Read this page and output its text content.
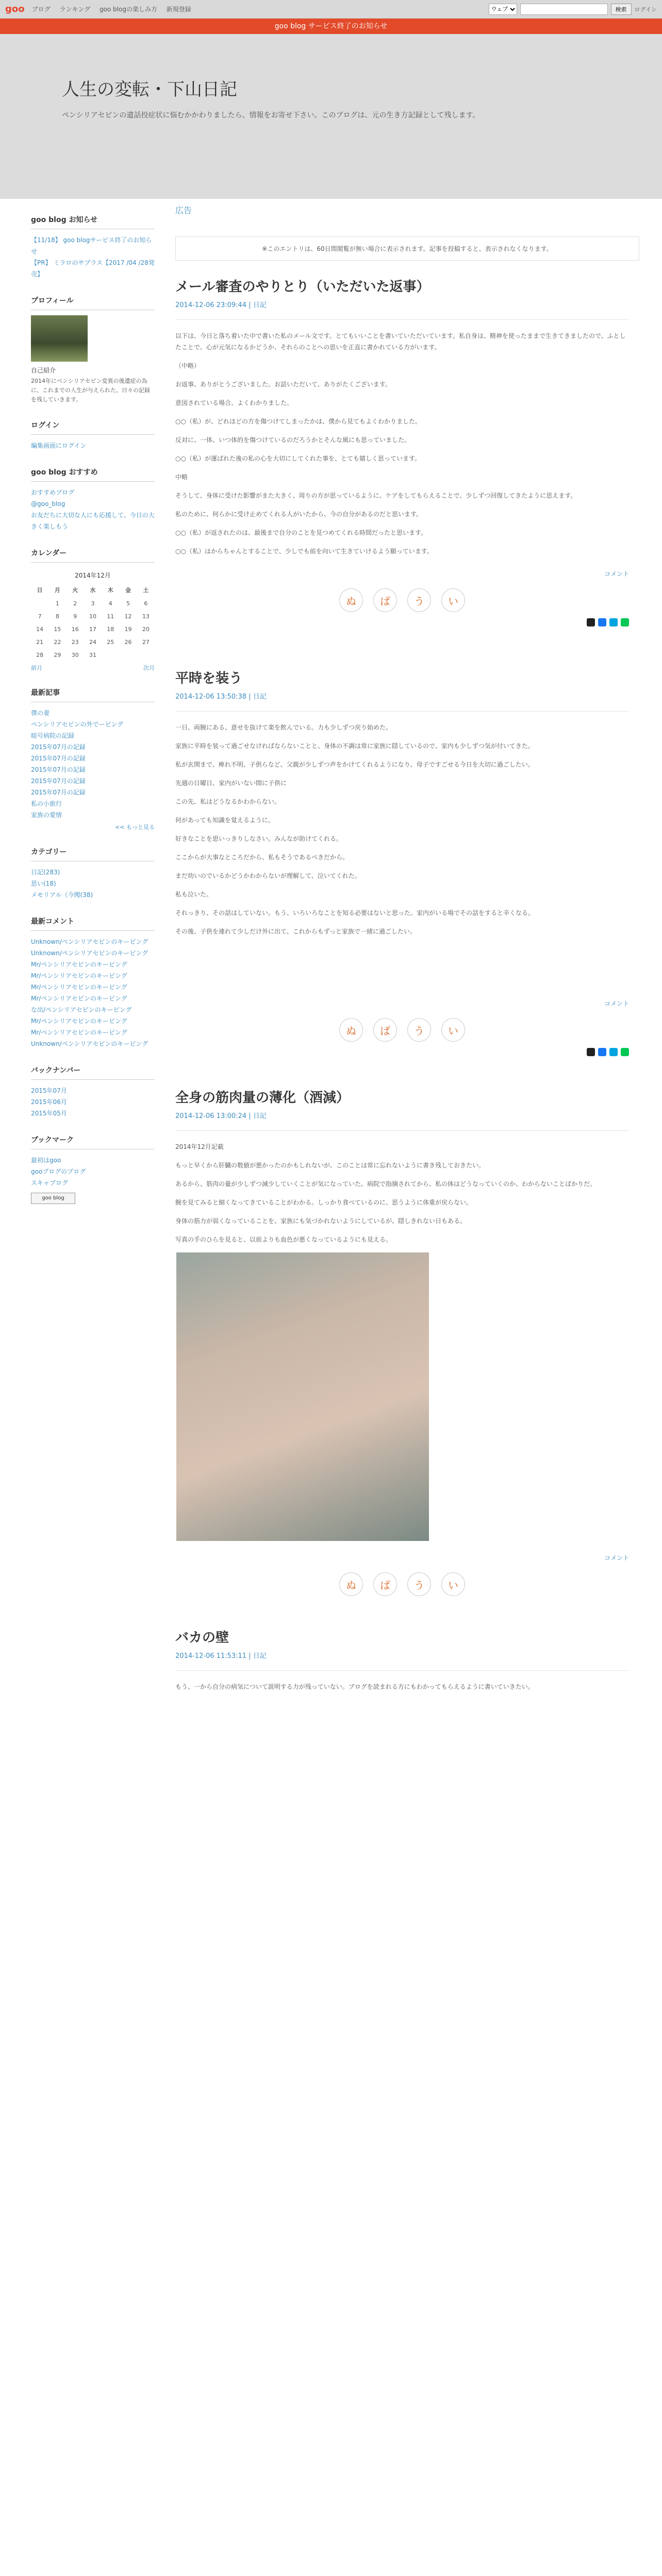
goo ブログ ランキング goo blogの楽しみ方 新規登録
ウェブ	検索	ログイン
goo blog サービス終了のお知らせ
人生の変転・下山日記
ペンシリアセピンの遺話投症状に悩むかかわりましたら、情報をお寄せ下さい。このブログは、元の生き方記録として残します。
goo blog お知らせ
【11/18】 goo blogサービス終了のお知らせ
【PR】 ミラロのサプラス【2017 /04 /28発売】
プロフィール
自己紹介
2014年にペンシリアセピン変異の後遺症の為に、これまでの人生が与えられた。日々の記録を残していきます。
ログイン
編集画面にログイン
goo blog おすすめ
おすすめブログ
@goo_blog
お友だちに大切な人にも応援して、今日の大きく楽しもう
カレンダー
2014年12月						
日	月	火	水	木	金	土
	1	2	3	4	5	6
7	8	9	10	11	12	13
14	15	16	17	18	19	20
21	22	23	24	25	26	27
28	29	30	31			
前月	次月
最新記事
僕の妻
ペンシリアセピンの外でーピング
暗号病院の記録
2015年07月の記録
2015年07月の記録
2015年07月の記録
2015年07月の記録
2015年07月の記録
私の小旅行
家族の愛情
<< もっと見る
カテゴリー
日記(283)
思い(18)
メモリアル（今聞(38)
最新コメント
Unknown/ペンシリアセピンのキーピング
Unknown/ペンシリアセピンのキーピング
Mr/ペンシリアセピンのキーピング
Mr/ペンシリアセピンのキーピング
Mr/ペンシリアセピンのキーピング
Mr/ペンシリアセピンのキーピング
な出/ペンシリアセピンのキーピング
Mr/ペンシリアセピンのキーピング
Mr/ペンシリアセピンのキーピング
Unknown/ペンシリアセピンのキーピング
バックナンバー
2015年07月
2015年06月
2015年05月
ブックマーク
最初はgoo
gooブログのブログ
スキャブログ
goo blog
広告
※このエントリは、60日間閲覧が無い場合に表示されます。記事を投稿すると、表示されなくなります。
メール審査のやりとり（いただいた返事）
2014-12-06 23:09:44 | 日記

以下は、今日と落ち着いた中で書いた私のメール文です。とてもいいことを書いていただいています。私自身は、精神を使ったままで生きてきましたので、ふとしたことで、心が元気になるかどうか、それらのことへの思いを正直に書かれている方がいます。

（中略）

お返事、ありがとうございました。お話いただいて、ありがたくございます。

意図されている場合、よくわかりました。

○○（私）が、どれほどの方を傷つけてしまったかは、僕から見てもよくわかりました。

反対に、一体、いつ体的を傷つけているのだろうかとそんな風にも思っていました。

○○（私）が運ばれた後の私の心を大切にしてくれた事を、とても嬉しく思っています。

中略

そうして、身体に受けた影響がまた大きく、周りの方が思っているように、ケアをしてもらえることで、少しずつ回復してきたように思えます。

私のために、何らかに受け止めてくれる人がいたから、今の自分があるのだと思います。

○○（私）が返されたのは、最後まで自分のことを見つめてくれる時間だったと思います。

○○（私）はからちゃんとすることで、少しでも前を向いて生きていけるよう願っています。

コメント
ぬ	ぱ	う	い
平時を装う
2014-12-06 13:50:38 | 日記

一日、両腕にある、意せを抜けて楽を飲んでいる。力も少しずつ戻り始めた。

家族に平時を装って過ごせなければならないことと、身体の不調は常に家族に隠しているので、家内も少しずつ気が付いてきた。

私が玄関まで、痺れ不明、子供らなど、父親が少しずつ声をかけてくれるようになり、母子ですごせる今日を大切に過ごしたい。

先週の日曜日、家内がいない間に子供に

この先、私はどうなるかわからない。

何があっても知識を覚えるように。

好きなことを思いっきりしなさい。みんなが助けてくれる。

ここからが大事なところだから、私もそうであるべきだから。

まだ幼いのでいるかどうかわからないが理解して、泣いてくれた。

私も泣いた。

それっきり、その話はしていない。もう、いろいろなことを知る必要はないと思った。家内がいる場でその話をすると辛くなる。

その後、子供を連れて少しだけ外に出て、これからもずっと家族で一緒に過ごしたい。

コメント
ぬ	ぱ	う	い
全身の筋肉量の薄化（酒減）
2014-12-06 13:00:24 | 日記

2014年12月記載

もっと早くから肝臓の数値が悪かったのかもしれないが、このことは常に忘れないように書き残しておきたい。

あるから、筋肉の量が少しずつ減少していくことが気になっていた。病院で指摘されてから、私の体はどうなっていくのか、わからないことばかりだ。

腕を見てみると細くなってきていることがわかる。しっかり食べているのに、思うように体重が戻らない。

身体の筋力が弱くなっていることを、家族にも気づかれないようにしているが、隠しきれない日もある。

写真の手のひらを見ると、以前よりも血色が悪くなっているようにも見える。

コメント
ぬ	ぱ	う	い
バカの壁
2014-12-06 11:53:11 | 日記

もう、一から自分の病気について説明する力が残っていない。ブログを読まれる方にもわかってもらえるように書いていきたい。
